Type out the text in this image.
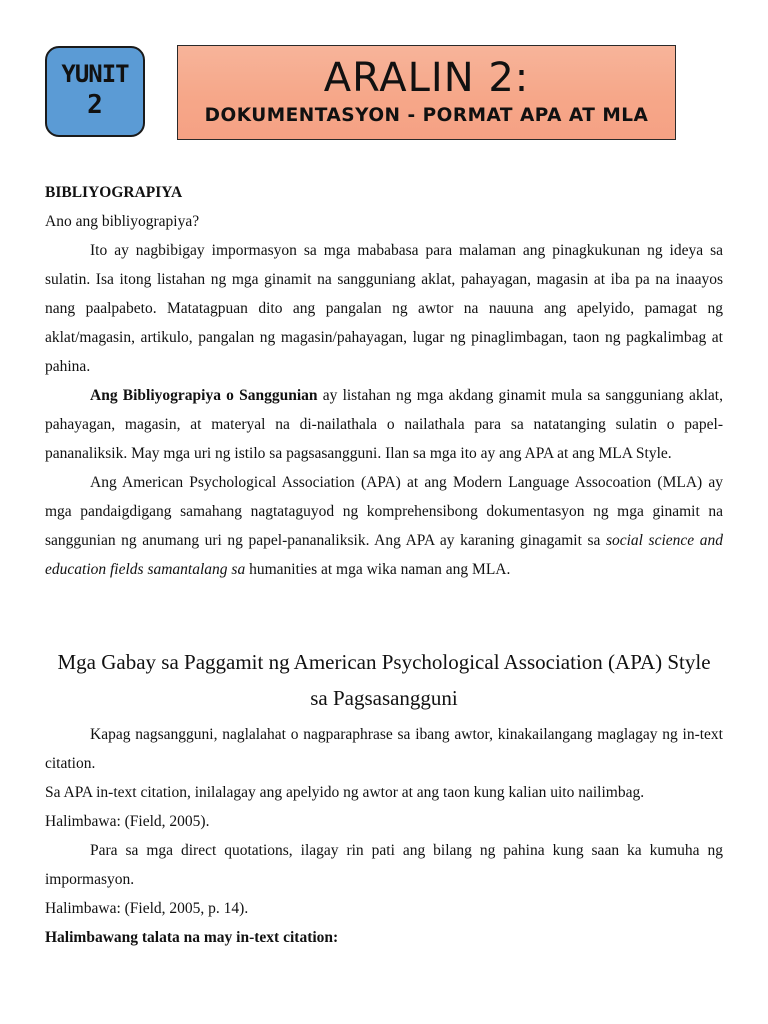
YUNIT
2
ARALIN 2:
DOKUMENTASYON - PORMAT APA AT MLA

BIBLIYOGRAPIYA

Ano ang bibliyograpiya?

Ito ay nagbibigay impormasyon sa mga mababasa para malaman ang pinagkukunan ng ideya sa sulatin. Isa itong listahan ng mga ginamit na sangguniang aklat, pahayagan, magasin at iba pa na inaayos nang paalpabeto. Matatagpuan dito ang pangalan ng awtor na nauuna ang apelyido, pamagat ng aklat/magasin, artikulo, pangalan ng magasin/pahayagan, lugar ng pinaglimbagan, taon ng pagkalimbag at pahina.

Ang Bibliyograpiya o Sanggunian ay listahan ng mga akdang ginamit mula sa sangguniang aklat, pahayagan, magasin, at materyal na di-nailathala o nailathala para sa natatanging sulatin o papel-pananaliksik. May mga uri ng istilo sa pagsasangguni. Ilan sa mga ito ay ang APA at ang MLA Style.

Ang American Psychological Association (APA) at ang Modern Language Assocoation (MLA) ay mga pandaigdigang samahang nagtataguyod ng komprehensibong dokumentasyon ng mga ginamit na sanggunian ng anumang uri ng papel-pananaliksik. Ang APA ay karaning ginagamit sa social science and education fields samantalang sa humanities at mga wika naman ang MLA.

Mga Gabay sa Paggamit ng American Psychological Association (APA) Style
sa Pagsasangguni

Kapag nagsangguni, naglalahat o nagparaphrase sa ibang awtor, kinakailangang maglagay ng in-text citation.

Sa APA in-text citation, inilalagay ang apelyido ng awtor at ang taon kung kalian uito nailimbag.

Halimbawa: (Field, 2005).

Para sa mga direct quotations, ilagay rin pati ang bilang ng pahina kung saan ka kumuha ng impormasyon.

Halimbawa: (Field, 2005, p. 14).

Halimbawang talata na may in-text citation:
